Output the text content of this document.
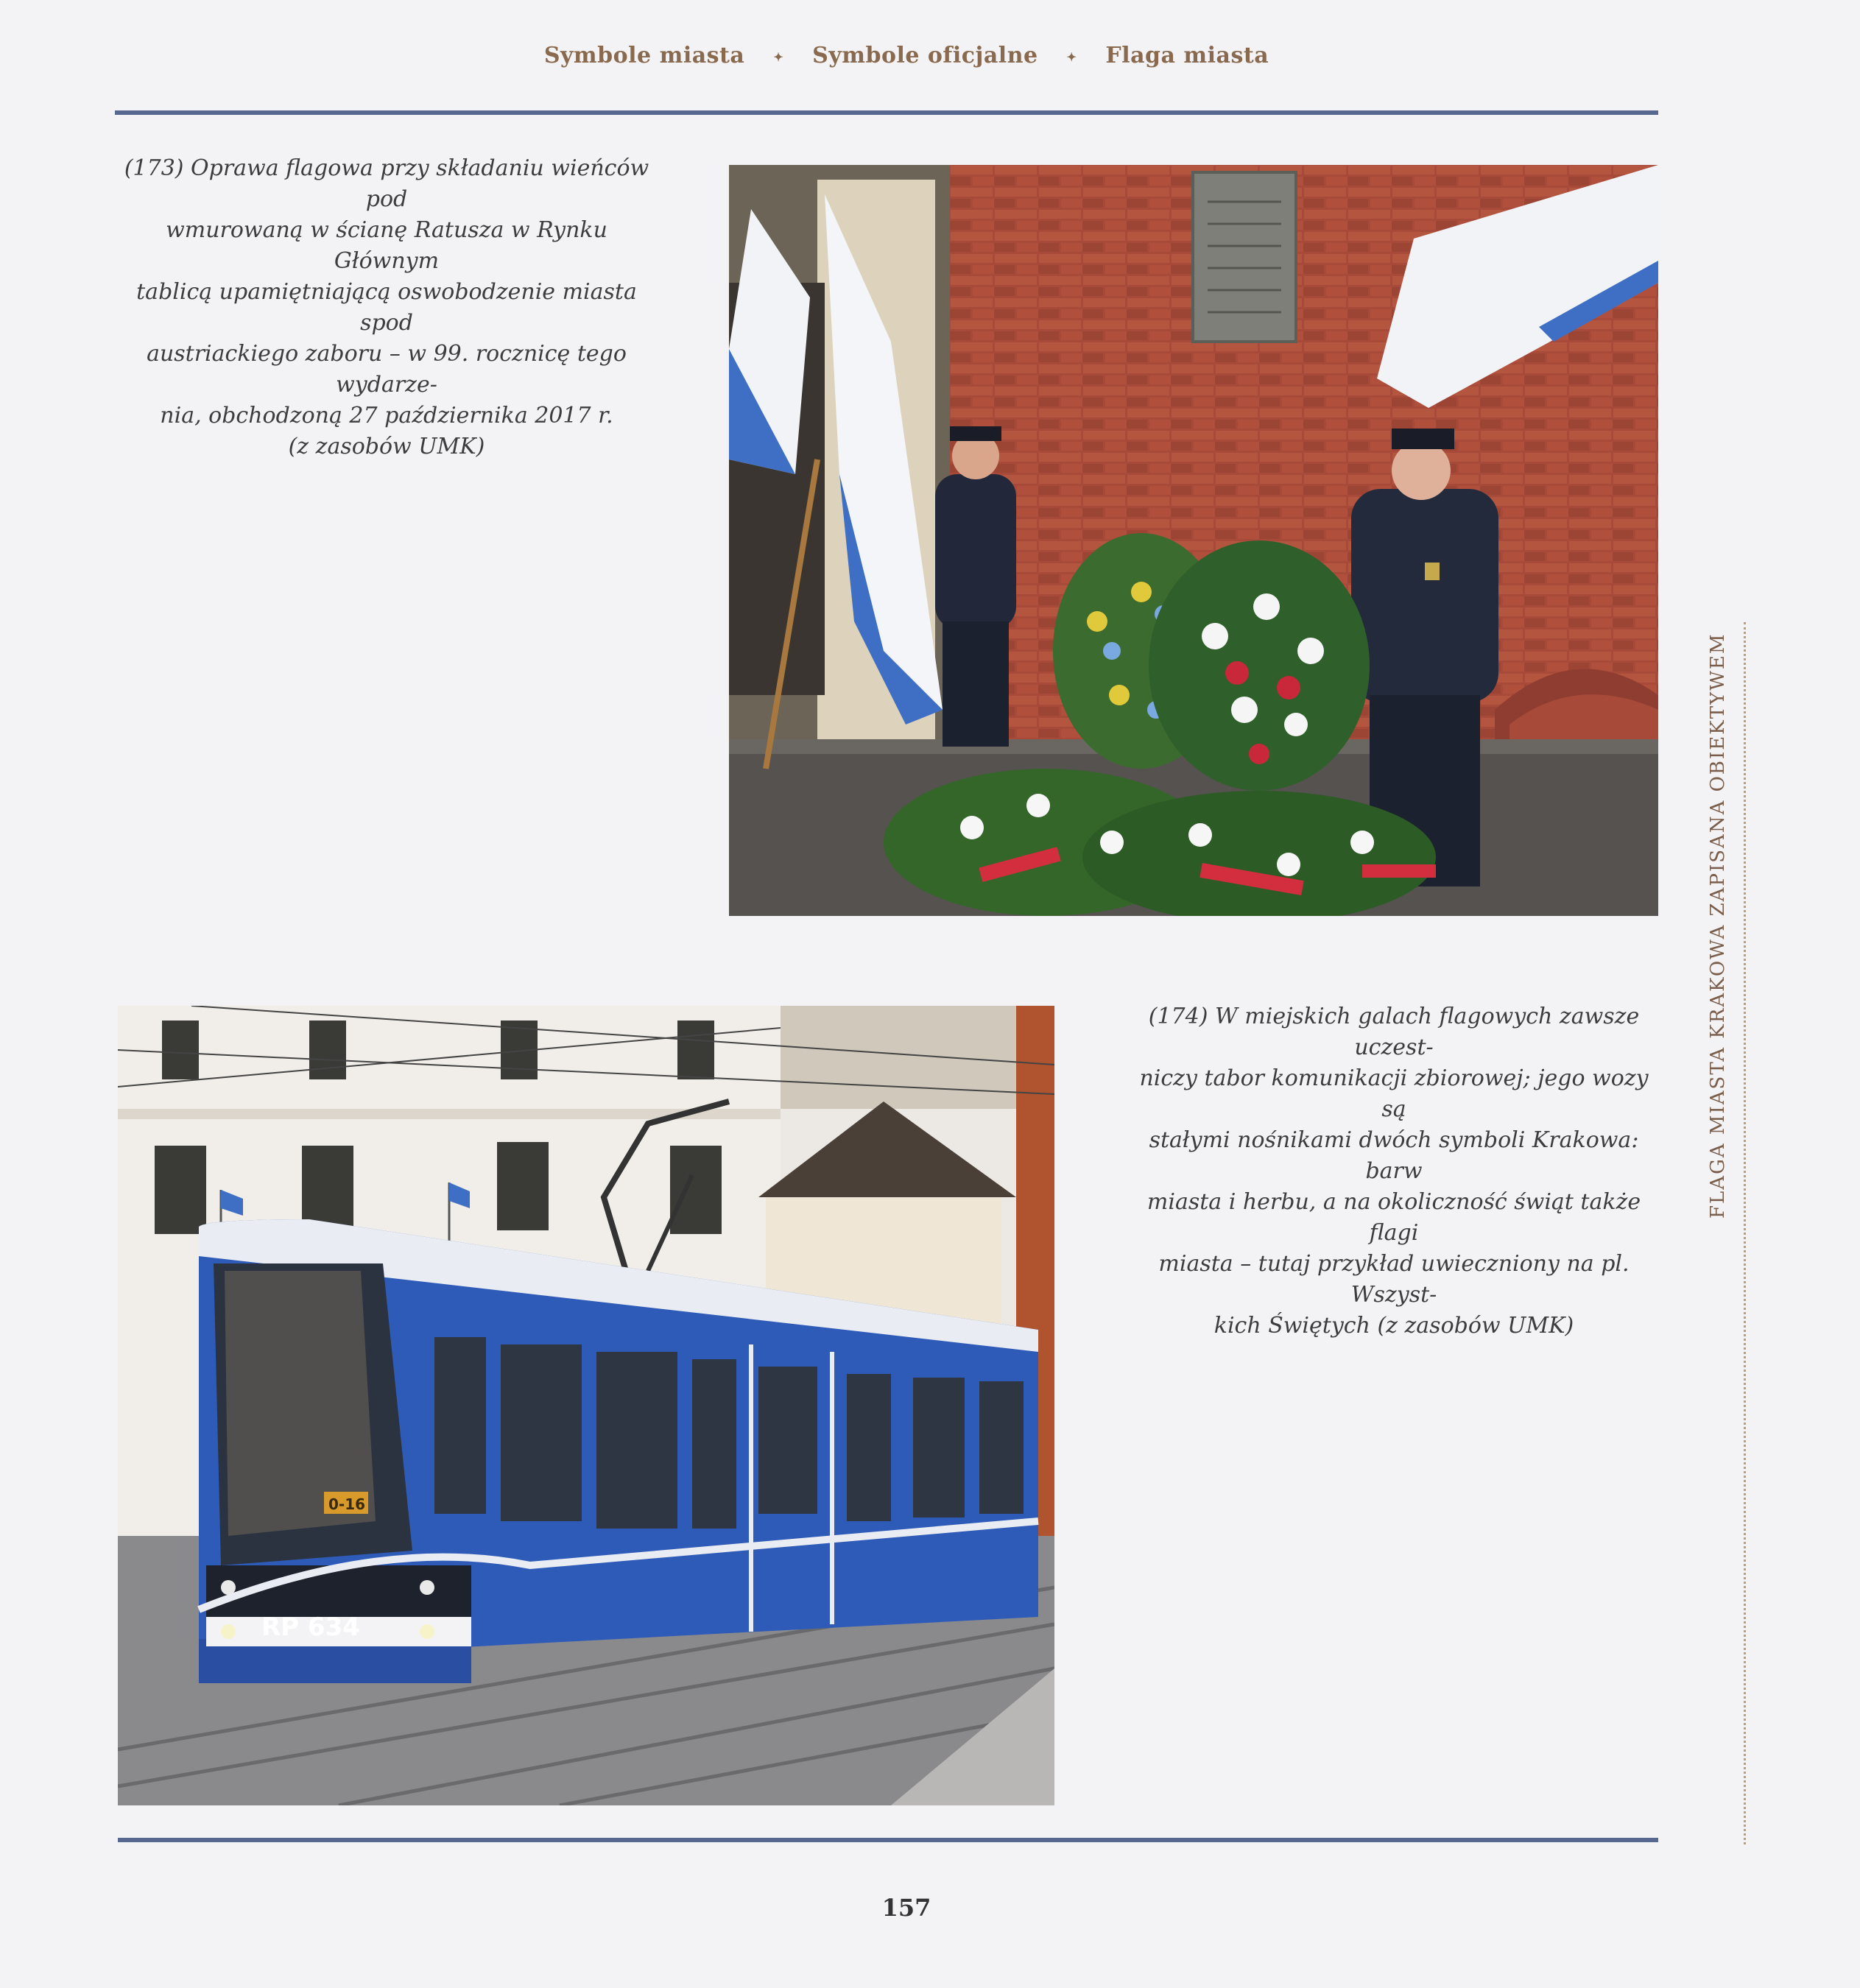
Symbole miasta ✦ Symbole oficjalne ✦ Flaga miasta
(173) Oprawa flagowa przy składaniu wieńców pod
wmurowaną w ścianę Ratusza w Rynku Głównym
tablicą upamiętniającą oswobodzenie miasta spod
austriackiego zaboru – w 99. rocznicę tego wydarze-
nia, obchodzoną 27 października 2017 r.
(z zasobów UMK)
RP 634
0-16
(174) W miejskich galach flagowych zawsze uczest-
niczy tabor komunikacji zbiorowej; jego wozy są
stałymi nośnikami dwóch symboli Krakowa: barw
miasta i herbu, a na okoliczność świąt także flagi
miasta – tutaj przykład uwieczniony na pl. Wszyst-
kich Świętych (z zasobów UMK)
FLAGA MIASTA KRAKOWA ZAPISANA OBIEKTYWEM
157
